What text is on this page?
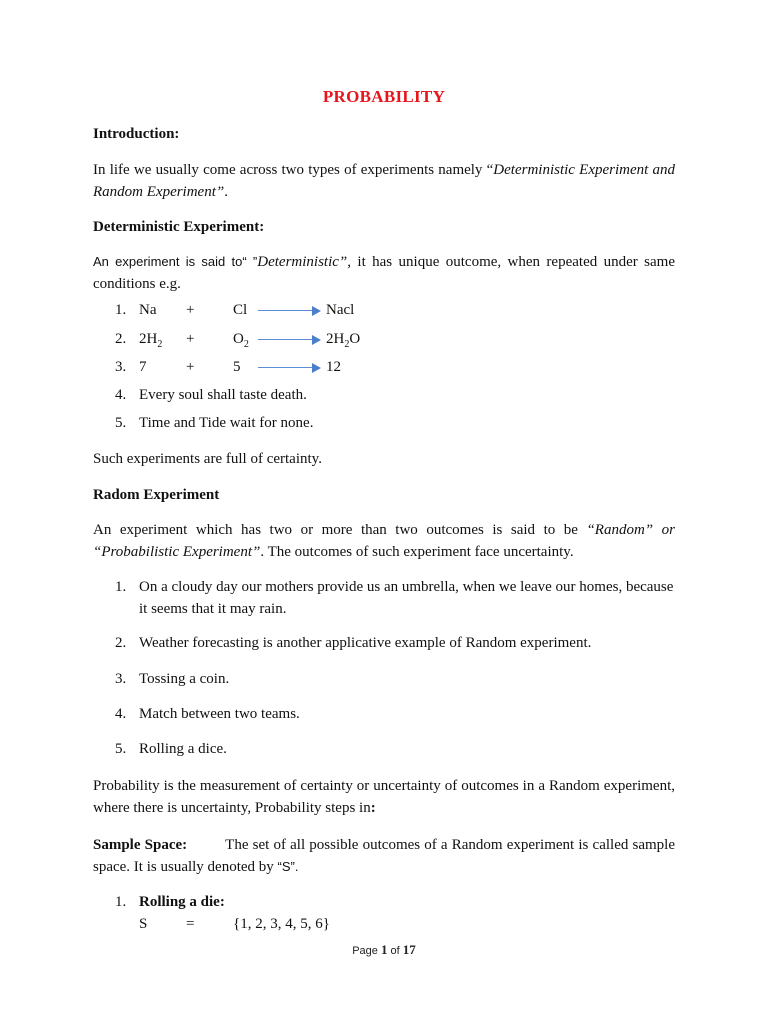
PROBABILITY
Introduction:
In life we usually come across two types of experiments namely “Deterministic Experiment and Random Experiment”.
Deterministic Experiment:
An experiment is said to“ ”Deterministic”, it has unique outcome, when repeated under same conditions e.g.
1. Na +	Cl	Nacl
2. $2H_2$ +	$O_2$	$2H_2O$
3. 7	+	5	12
4. Every soul shall taste death.
5. Time and Tide wait for none.
Such experiments are full of certainty.
Radom Experiment
An experiment which has two or more than two outcomes is said to be “Random” or “Probabilistic Experiment”. The outcomes of such experiment face uncertainty.
1. On a cloudy day our mothers provide us an umbrella, when we leave our homes, because it seems that it may rain.
2. Weather forecasting is another applicative example of Random experiment.
3. Tossing a coin.
4. Match between two teams.
5. Rolling a dice.
Probability is the measurement of certainty or uncertainty of outcomes in a Random experiment, where there is uncertainty, Probability steps in:
Sample Space:	The set of all possible outcomes of a Random experiment is called sample space. It is usually denoted by “S”.
1. Rolling a die:
S	=	{1, 2, 3, 4, 5, 6}
Page 1 of 17
